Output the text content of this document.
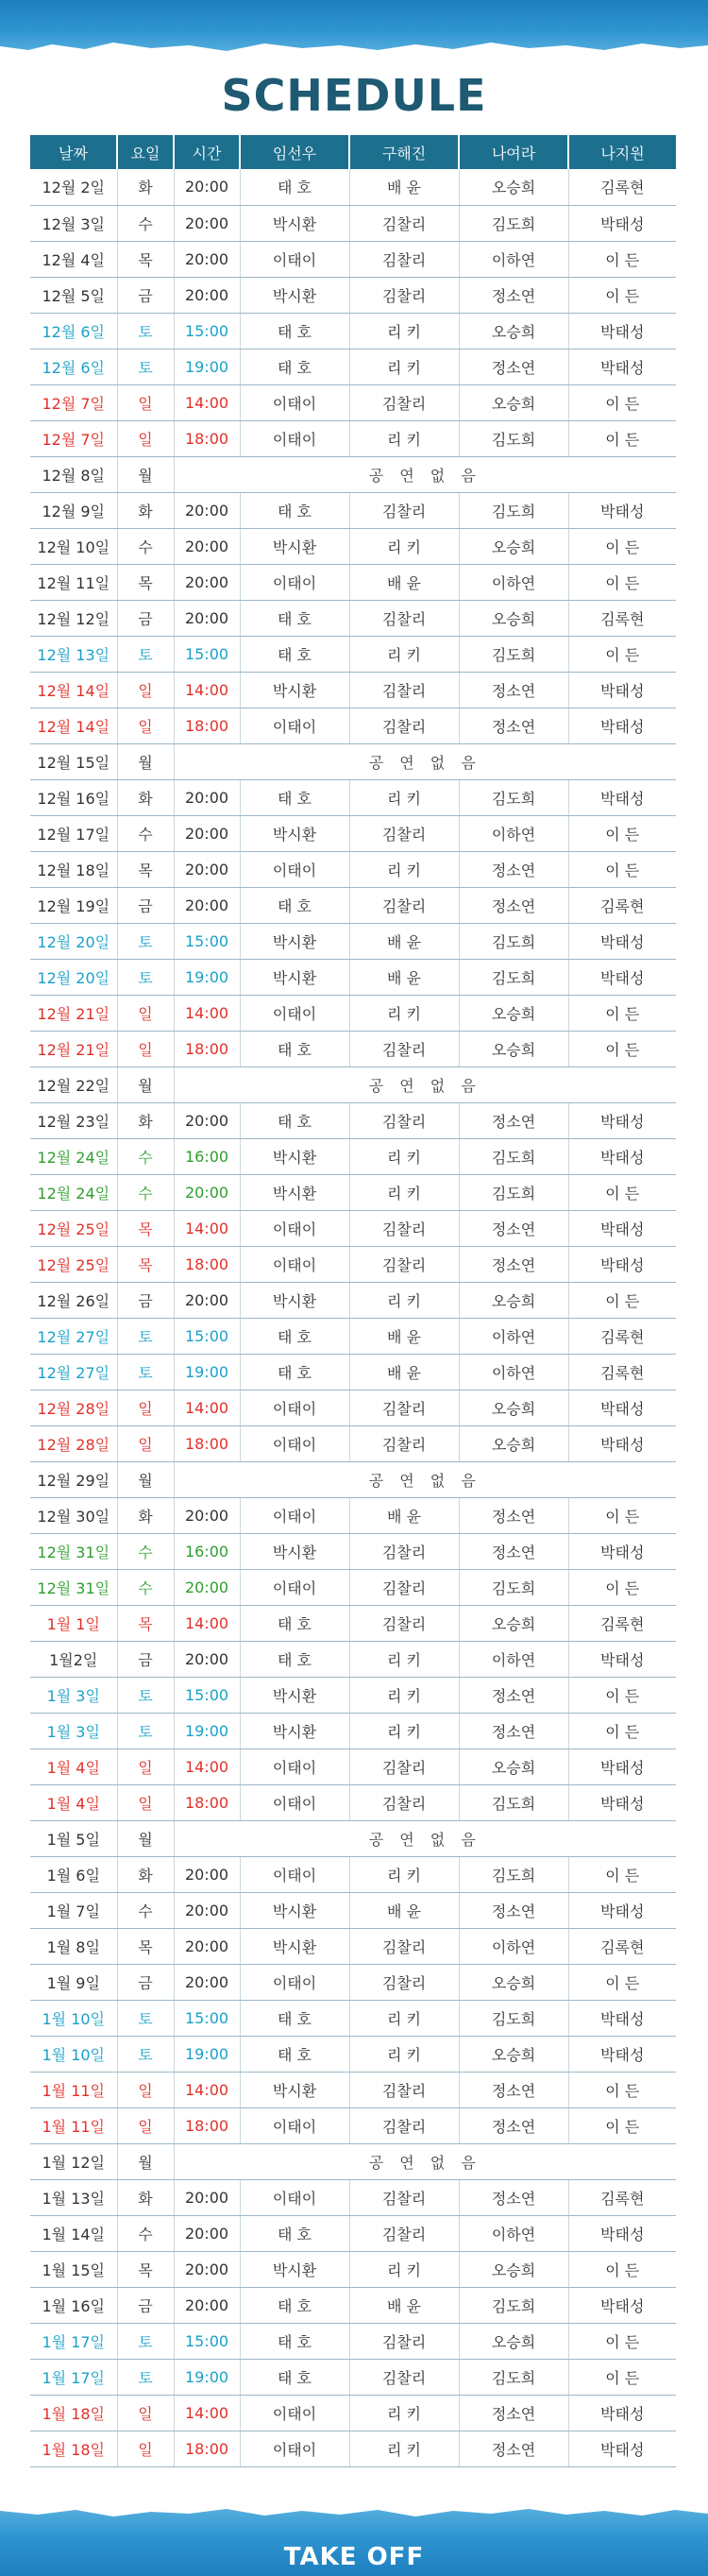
SCHEDULE
날짜	요일	시간	임선우	구해진	나여라	나지원
12월 2일	화	20:00	태 호	배 윤	오승희	김록현
12월 3일	수	20:00	박시환	김찰리	김도희	박태성
12월 4일	목	20:00	이태이	김찰리	이하연	이 든
12월 5일	금	20:00	박시환	김찰리	정소연	이 든
12월 6일	토	15:00	태 호	리 키	오승희	박태성
12월 6일	토	19:00	태 호	리 키	정소연	박태성
12월 7일	일	14:00	이태이	김찰리	오승희	이 든
12월 7일	일	18:00	이태이	리 키	김도희	이 든
12월 8일	월	공 연 없 음				
12월 9일	화	20:00	태 호	김찰리	김도희	박태성
12월 10일	수	20:00	박시환	리 키	오승희	이 든
12월 11일	목	20:00	이태이	배 윤	이하연	이 든
12월 12일	금	20:00	태 호	김찰리	오승희	김록현
12월 13일	토	15:00	태 호	리 키	김도희	이 든
12월 14일	일	14:00	박시환	김찰리	정소연	박태성
12월 14일	일	18:00	이태이	김찰리	정소연	박태성
12월 15일	월	공 연 없 음				
12월 16일	화	20:00	태 호	리 키	김도희	박태성
12월 17일	수	20:00	박시환	김찰리	이하연	이 든
12월 18일	목	20:00	이태이	리 키	정소연	이 든
12월 19일	금	20:00	태 호	김찰리	정소연	김록현
12월 20일	토	15:00	박시환	배 윤	김도희	박태성
12월 20일	토	19:00	박시환	배 윤	김도희	박태성
12월 21일	일	14:00	이태이	리 키	오승희	이 든
12월 21일	일	18:00	태 호	김찰리	오승희	이 든
12월 22일	월	공 연 없 음				
12월 23일	화	20:00	태 호	김찰리	정소연	박태성
12월 24일	수	16:00	박시환	리 키	김도희	박태성
12월 24일	수	20:00	박시환	리 키	김도희	이 든
12월 25일	목	14:00	이태이	김찰리	정소연	박태성
12월 25일	목	18:00	이태이	김찰리	정소연	박태성
12월 26일	금	20:00	박시환	리 키	오승희	이 든
12월 27일	토	15:00	태 호	배 윤	이하연	김록현
12월 27일	토	19:00	태 호	배 윤	이하연	김록현
12월 28일	일	14:00	이태이	김찰리	오승희	박태성
12월 28일	일	18:00	이태이	김찰리	오승희	박태성
12월 29일	월	공 연 없 음				
12월 30일	화	20:00	이태이	배 윤	정소연	이 든
12월 31일	수	16:00	박시환	김찰리	정소연	박태성
12월 31일	수	20:00	이태이	김찰리	김도희	이 든
1월 1일	목	14:00	태 호	김찰리	오승희	김록현
1월2일	금	20:00	태 호	리 키	이하연	박태성
1월 3일	토	15:00	박시환	리 키	정소연	이 든
1월 3일	토	19:00	박시환	리 키	정소연	이 든
1월 4일	일	14:00	이태이	김찰리	오승희	박태성
1월 4일	일	18:00	이태이	김찰리	김도희	박태성
1월 5일	월	공 연 없 음				
1월 6일	화	20:00	이태이	리 키	김도희	이 든
1월 7일	수	20:00	박시환	배 윤	정소연	박태성
1월 8일	목	20:00	박시환	김찰리	이하연	김록현
1월 9일	금	20:00	이태이	김찰리	오승희	이 든
1월 10일	토	15:00	태 호	리 키	김도희	박태성
1월 10일	토	19:00	태 호	리 키	오승희	박태성
1월 11일	일	14:00	박시환	김찰리	정소연	이 든
1월 11일	일	18:00	이태이	김찰리	정소연	이 든
1월 12일	월	공 연 없 음				
1월 13일	화	20:00	이태이	김찰리	정소연	김록현
1월 14일	수	20:00	태 호	김찰리	이하연	박태성
1월 15일	목	20:00	박시환	리 키	오승희	이 든
1월 16일	금	20:00	태 호	배 윤	김도희	박태성
1월 17일	토	15:00	태 호	김찰리	오승희	이 든
1월 17일	토	19:00	태 호	김찰리	김도희	이 든
1월 18일	일	14:00	이태이	리 키	정소연	박태성
1월 18일	일	18:00	이태이	리 키	정소연	박태성
TAKE OFF
